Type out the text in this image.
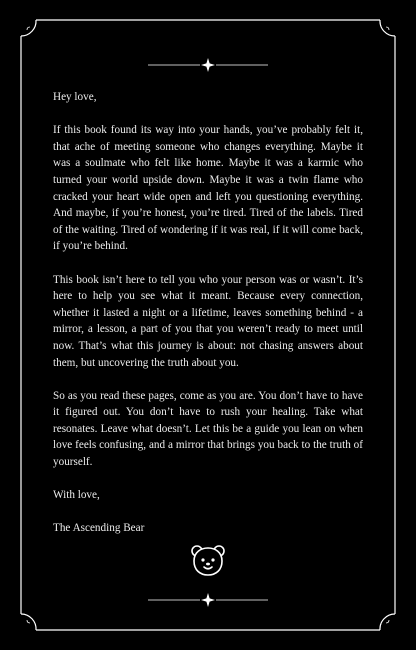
Hey love,

If this book found its way into your hands, you’ve probably felt it, that ache of meeting someone who changes everything. Maybe it was a soulmate who felt like home. Maybe it was a karmic who turned your world upside down. Maybe it was a twin flame who cracked your heart wide open and left you questioning everything. And maybe, if you’re honest, you’re tired. Tired of the labels. Tired of the waiting. Tired of wondering if it was real, if it will come back, if you’re behind.

This book isn’t here to tell you who your person was or wasn’t. It’s here to help you see what it meant. Because every connection, whether it lasted a night or a lifetime, leaves something behind - a mirror, a lesson, a part of you that you weren’t ready to meet until now. That’s what this journey is about: not chasing answers about them, but uncovering the truth about you.

So as you read these pages, come as you are. You don’t have to have it figured out. You don’t have to rush your healing. Take what resonates. Leave what doesn’t. Let this be a guide you lean on when love feels confusing, and a mirror that brings you back to the truth of yourself.

With love,

The Ascending Bear
